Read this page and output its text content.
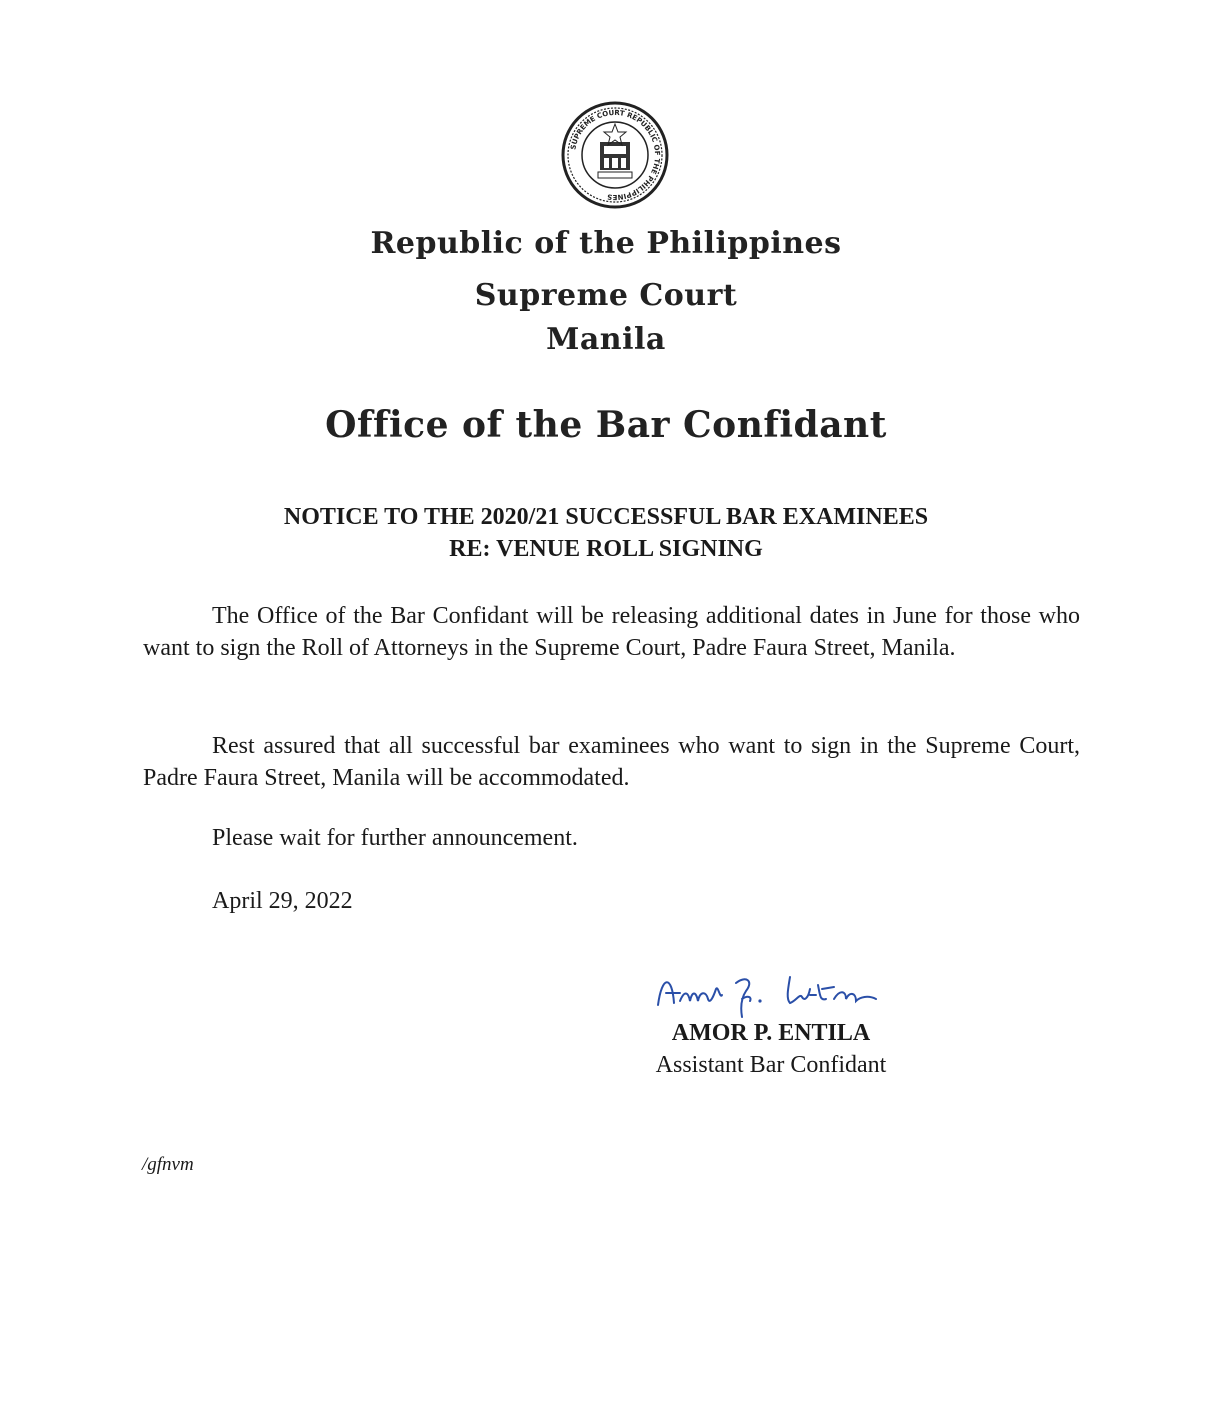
SUPREME COURT REPUBLIC OF THE PHILIPPINES
Republic of the Philippines
Supreme Court
Manila
Office of the Bar Confidant
NOTICE TO THE 2020/21 SUCCESSFUL BAR EXAMINEES
RE: VENUE ROLL SIGNING

The Office of the Bar Confidant will be releasing additional dates in June for those who want to sign the Roll of Attorneys in the Supreme Court, Padre Faura Street, Manila.

Rest assured that all successful bar examinees who want to sign in the Supreme Court, Padre Faura Street, Manila will be accommodated.

Please wait for further announcement.

April 29, 2022

AMOR P. ENTILA
Assistant Bar Confidant
/gfnvm
